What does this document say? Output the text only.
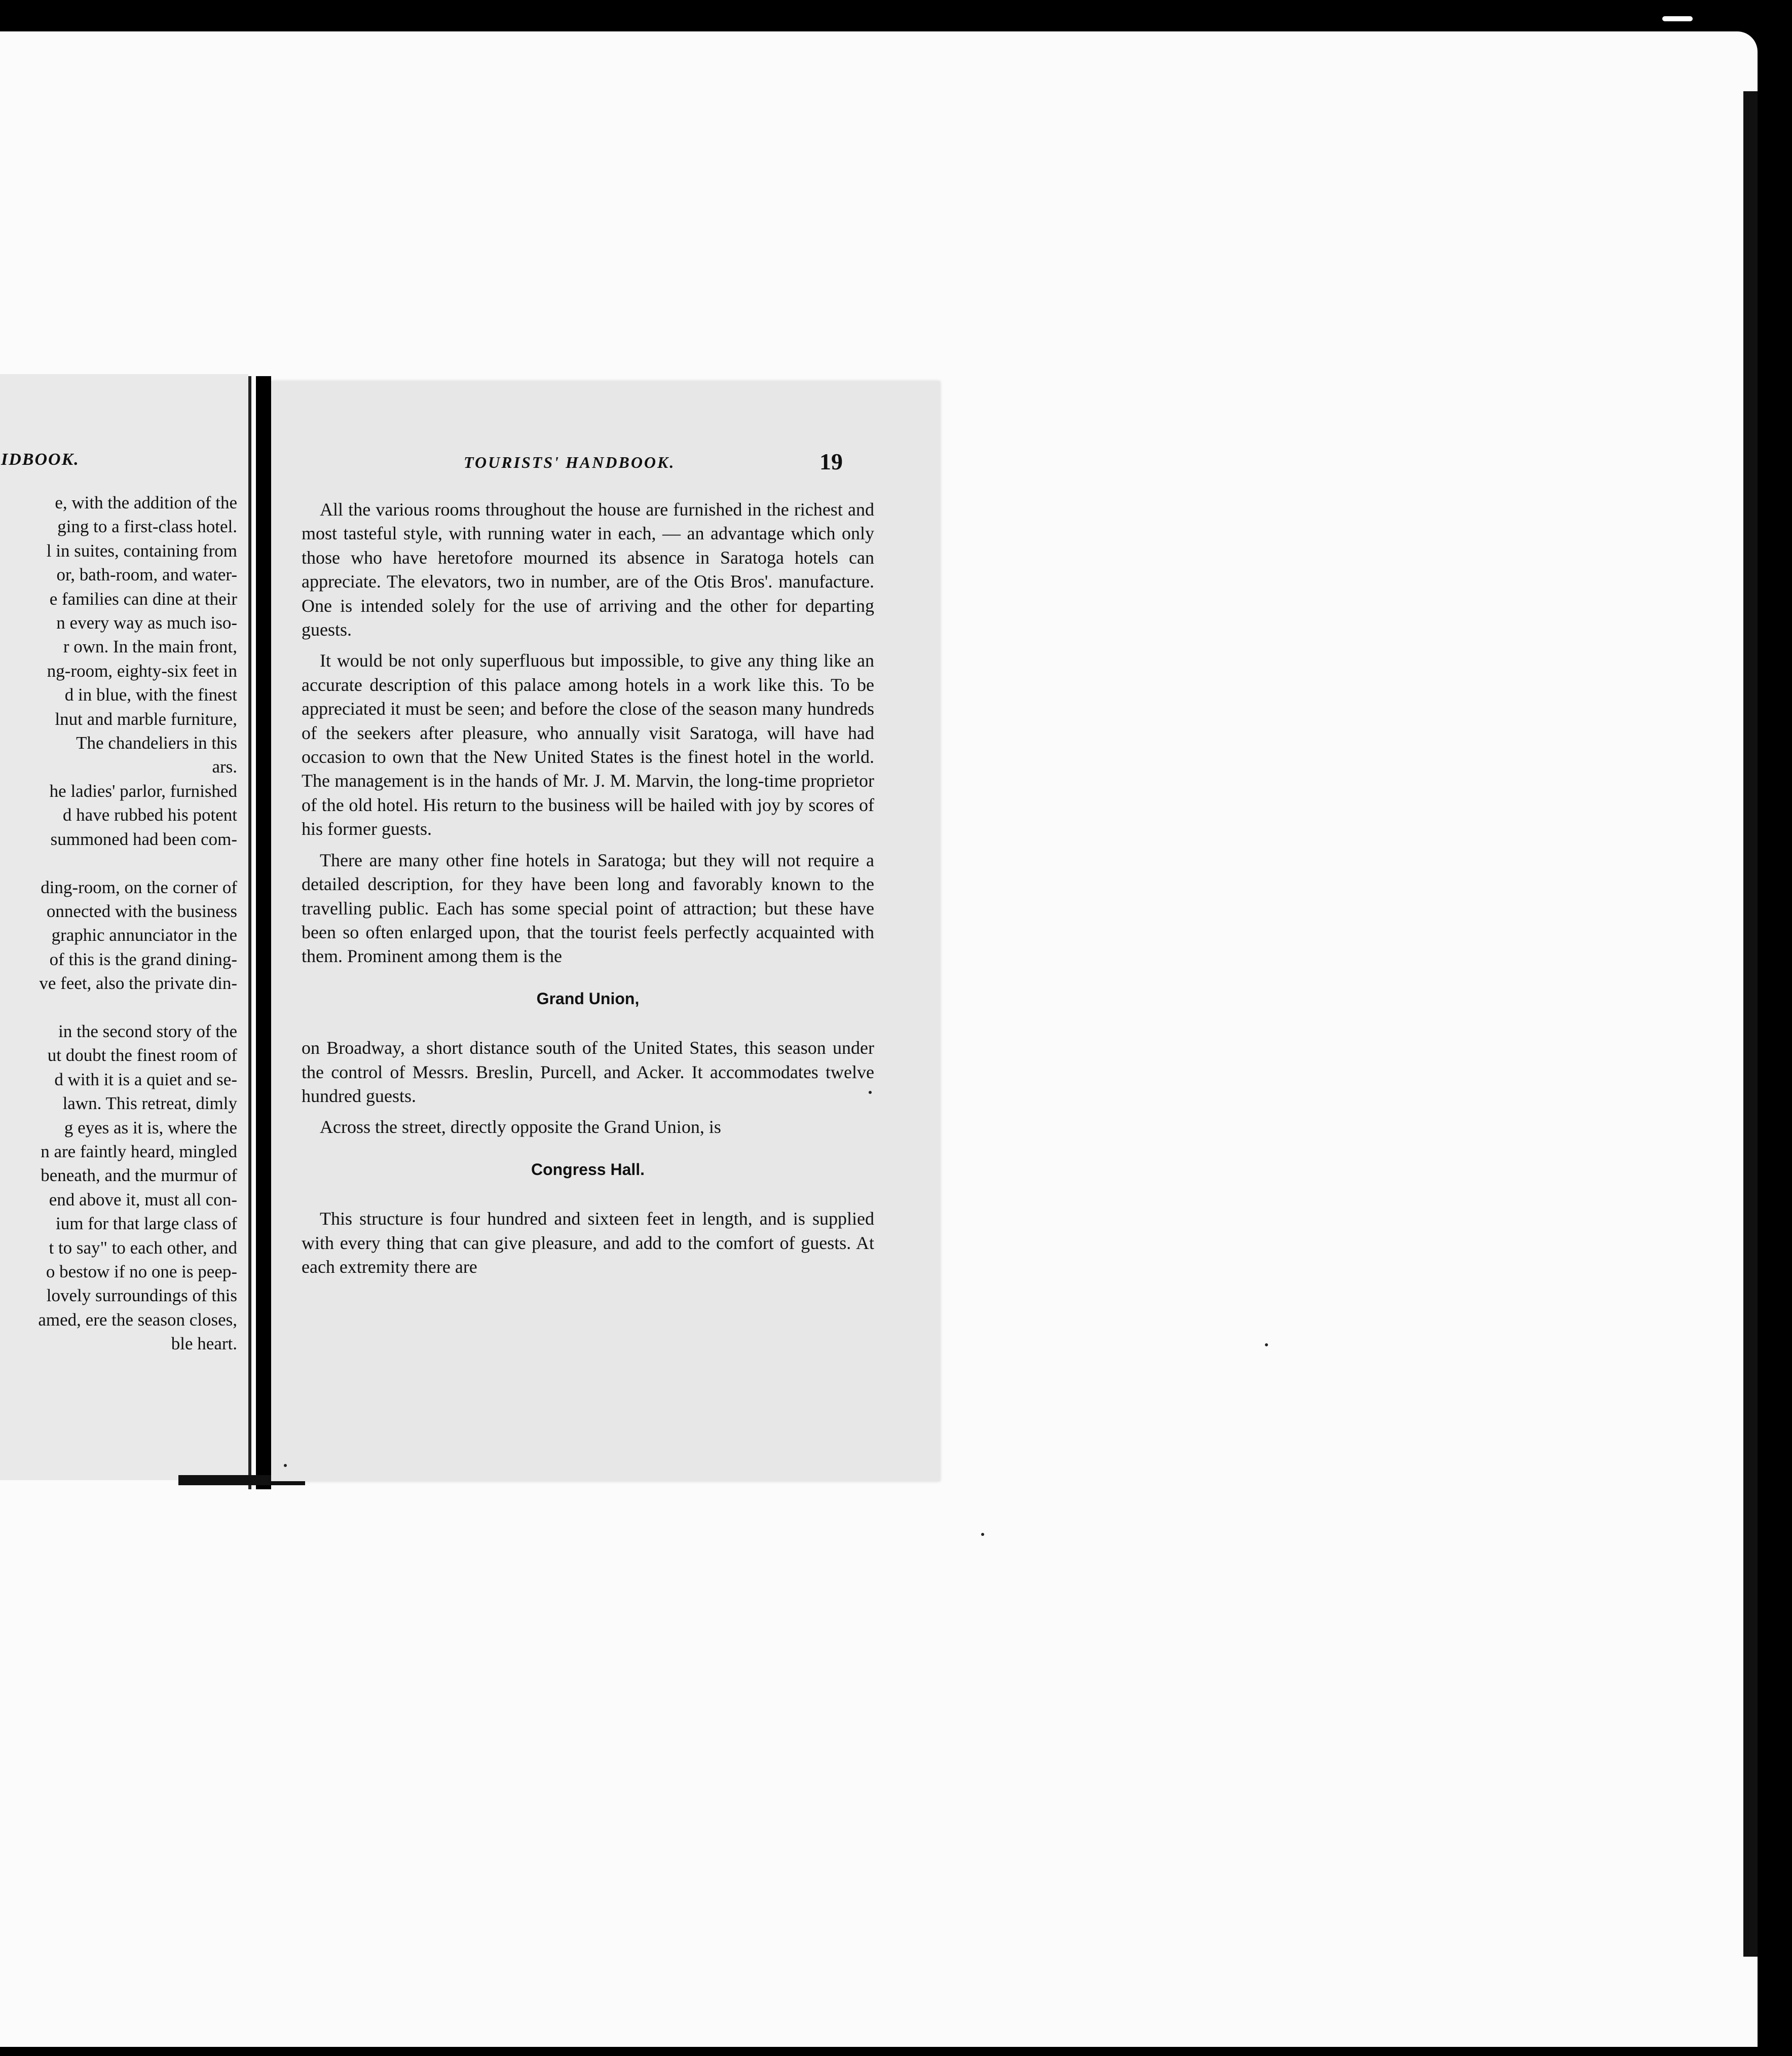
IDBOOK.
e, with the addition of the
ging to a first-class hotel.
l in suites, containing from
or, bath-room, and water-
e families can dine at their
n every way as much iso-
r own. In the main front,
ng-room, eighty-six feet in
d in blue, with the finest
lnut and marble furniture,
The chandeliers in this
ars.
he ladies' parlor, furnished
d have rubbed his potent
summoned had been com-

ding-room, on the corner of
onnected with the business
graphic annunciator in the
of this is the grand dining-
ve feet, also the private din-

in the second story of the
ut doubt the finest room of
d with it is a quiet and se-
lawn. This retreat, dimly
g eyes as it is, where the
n are faintly heard, mingled
beneath, and the murmur of
end above it, must all con-
ium for that large class of
t to say" to each other, and
o bestow if no one is peep-
lovely surroundings of this
amed, ere the season closes,
ble heart.
TOURISTS' HANDBOOK.	19

All the various rooms throughout the house are furnished in the richest and most tasteful style, with running water in each, — an advantage which only those who have heretofore mourned its absence in Saratoga hotels can appreciate. The elevators, two in number, are of the Otis Bros'. manufacture. One is intended solely for the use of arriving and the other for departing guests.

It would be not only superfluous but impossible, to give any thing like an accurate description of this palace among hotels in a work like this. To be appreciated it must be seen; and before the close of the season many hundreds of the seekers after pleasure, who annually visit Saratoga, will have had occasion to own that the New United States is the finest hotel in the world. The management is in the hands of Mr. J. M. Marvin, the long-time proprietor of the old hotel. His return to the business will be hailed with joy by scores of his former guests.

There are many other fine hotels in Saratoga; but they will not require a detailed description, for they have been long and favorably known to the travelling public. Each has some special point of attraction; but these have been so often enlarged upon, that the tourist feels perfectly acquainted with them. Prominent among them is the

Grand Union,

on Broadway, a short distance south of the United States, this season under the control of Messrs. Breslin, Purcell, and Acker. It accommodates twelve hundred guests.

Across the street, directly opposite the Grand Union, is

Congress Hall.

This structure is four hundred and sixteen feet in length, and is supplied with every thing that can give pleasure, and add to the comfort of guests. At each extremity there are
